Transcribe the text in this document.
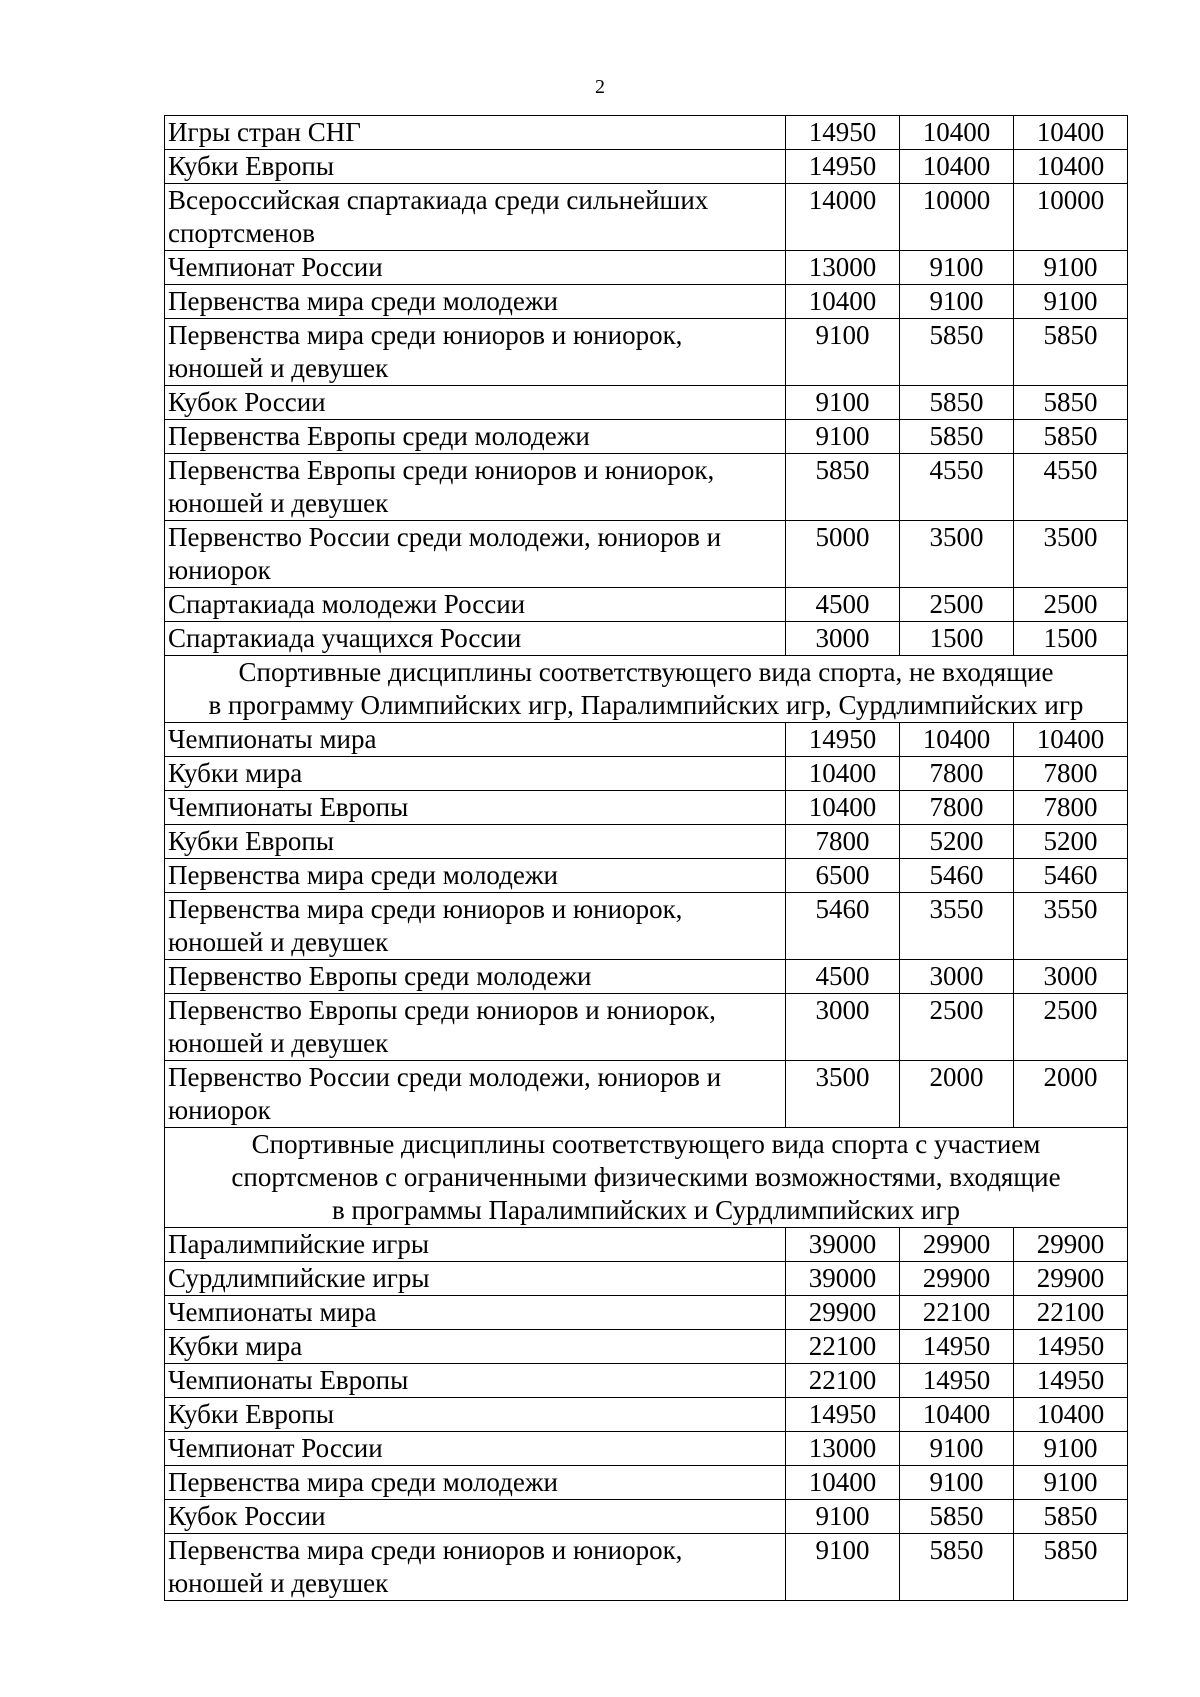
2
Игры стран СНГ	14950	10400	10400
Кубки Европы	14950	10400	10400
Всероссийская спартакиада среди сильнейших спортсменов	14000	10000	10000
Чемпионат России	13000	9100	9100
Первенства мира среди молодежи	10400	9100	9100
Первенства мира среди юниоров и юниорок, юношей и девушек	9100	5850	5850
Кубок России	9100	5850	5850
Первенства Европы среди молодежи	9100	5850	5850
Первенства Европы среди юниоров и юниорок, юношей и девушек	5850	4550	4550
Первенство России среди молодежи, юниоров и юниорок	5000	3500	3500
Спартакиада молодежи России	4500	2500	2500
Спартакиада учащихся России	3000	1500	1500
Спортивные дисциплины соответствующего вида спорта, не входящие
в программу Олимпийских игр, Паралимпийских игр, Сурдлимпийских игр			
Чемпионаты мира	14950	10400	10400
Кубки мира	10400	7800	7800
Чемпионаты Европы	10400	7800	7800
Кубки Европы	7800	5200	5200
Первенства мира среди молодежи	6500	5460	5460
Первенства мира среди юниоров и юниорок, юношей и девушек	5460	3550	3550
Первенство Европы среди молодежи	4500	3000	3000
Первенство Европы среди юниоров и юниорок, юношей и девушек	3000	2500	2500
Первенство России среди молодежи, юниоров и юниорок	3500	2000	2000
Спортивные дисциплины соответствующего вида спорта с участием
спортсменов с ограниченными физическими возможностями, входящие
в программы Паралимпийских и Сурдлимпийских игр			
Паралимпийские игры	39000	29900	29900
Сурдлимпийские игры	39000	29900	29900
Чемпионаты мира	29900	22100	22100
Кубки мира	22100	14950	14950
Чемпионаты Европы	22100	14950	14950
Кубки Европы	14950	10400	10400
Чемпионат России	13000	9100	9100
Первенства мира среди молодежи	10400	9100	9100
Кубок России	9100	5850	5850
Первенства мира среди юниоров и юниорок, юношей и девушек	9100	5850	5850
